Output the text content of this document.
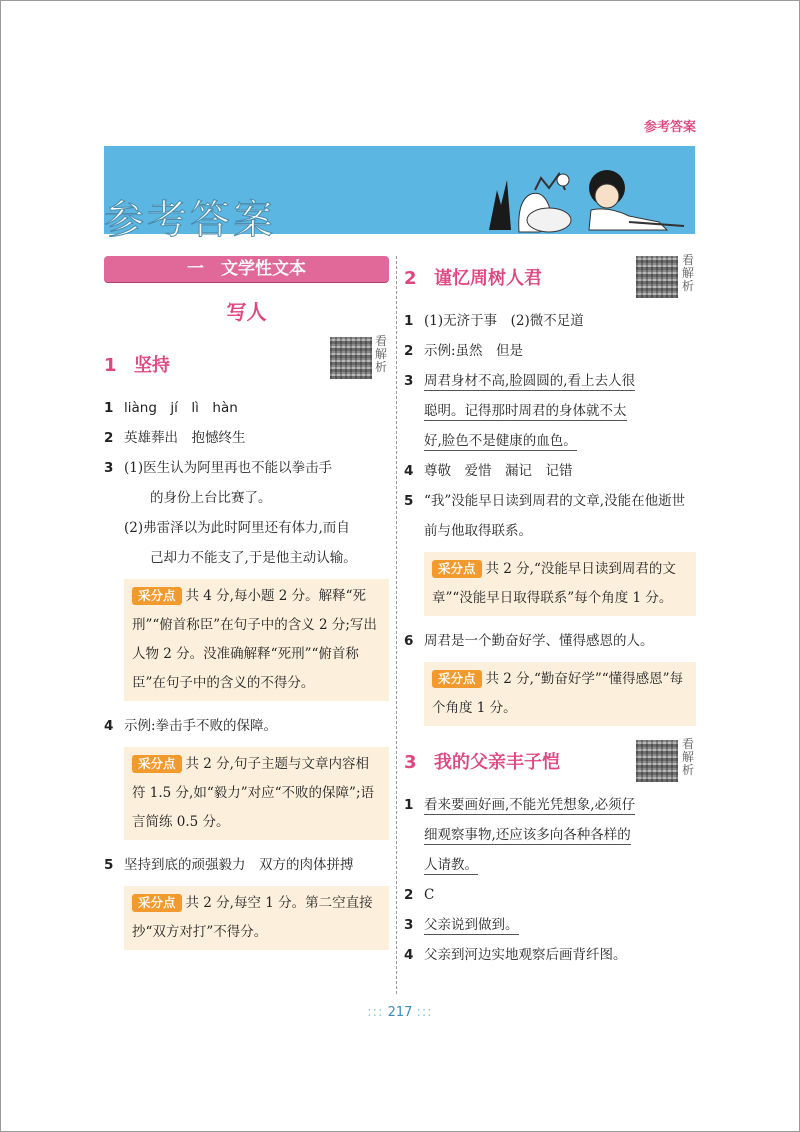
参考答案
参考答案
一　文学性文本
写人
1 坚持
看解析
1 liàng　jí　lì　hàn
2 英雄葬出　抱憾终生
3 (1)医生认为阿里再也不能以拳击手
的身份上台比赛了。
(2)弗雷泽以为此时阿里还有体力,而自
己却力不能支了,于是他主动认输。
采分点 共 4 分,每小题 2 分。解释“死刑”“俯首称臣”在句子中的含义 2 分;写出人物 2 分。没准确解释“死刑”“俯首称臣”在句子中的含义的不得分。
4 示例:拳击手不败的保障。
采分点 共 2 分,句子主题与文章内容相符 1.5 分,如“毅力”对应“不败的保障”;语言简练 0.5 分。
5 坚持到底的顽强毅力　双方的肉体拼搏
采分点 共 2 分,每空 1 分。第二空直接抄“双方对打”不得分。
2 谨忆周树人君
看解析
1 (1)无济于事　(2)微不足道
2 示例:虽然　但是
3 周君身材不高,脸圆圆的,看上去人很
聪明。记得那时周君的身体就不太
好,脸色不是健康的血色。
4 尊敬　爱惜　漏记　记错
5 “我”没能早日读到周君的文章,没能在他逝世前与他取得联系。
采分点 共 2 分,“没能早日读到周君的文章”“没能早日取得联系”每个角度 1 分。
6 周君是一个勤奋好学、懂得感恩的人。
采分点 共 2 分,“勤奋好学”“懂得感恩”每个角度 1 分。
3 我的父亲丰子恺
看解析
1 看来要画好画,不能光凭想象,必须仔
细观察事物,还应该多向各种各样的
人请教。
2 C
3 父亲说到做到。
4 父亲到河边实地观察后画背纤图。
::: 217 :::
